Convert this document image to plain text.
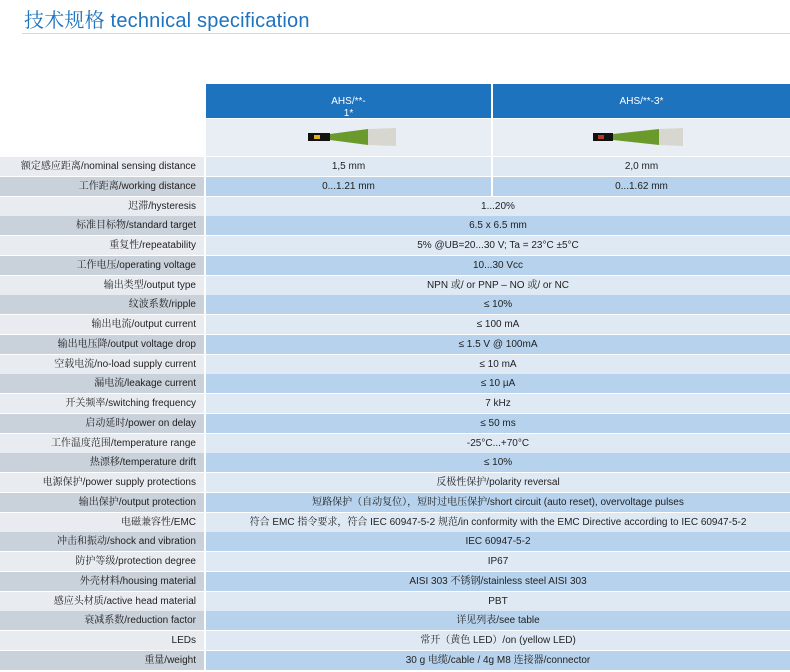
技术规格 technical specification
AHS/**-
1*
AHS/**-3*
额定感应距离/nominal sensing distance	1,5 mm	2,0 mm
工作距离/working distance	0...1.21 mm	0...1.62 mm
迟滞/hysteresis	1...20%
标准目标物/standard target	6.5 x 6.5 mm
重复性/repeatability	5% @UB=20...30 V; Ta = 23°C ±5°C
工作电压/operating voltage	10...30 Vcc
输出类型/output type	NPN 或/ or PNP – NO 或/ or NC
纹波系数/ripple	≤ 10%
输出电流/output current	≤ 100 mA
输出电压降/output voltage drop	≤ 1.5 V @ 100mA
空载电流/no-load supply current	≤ 10 mA
漏电流/leakage current	≤ 10 µA
开关频率/switching frequency	7 kHz
启动延时/power on delay	≤ 50 ms
工作温度范围/temperature range	-25°C...+70°C
热漂移/temperature drift	≤ 10%
电源保护/power supply protections	反极性保护/polarity reversal
输出保护/output protection	短路保护（自动复位），短时过电压保护/short circuit (auto reset), overvoltage pulses
电磁兼容性/EMC	符合 EMC 指令要求，符合 IEC 60947-5-2 规范/in conformity with the EMC Directive according to IEC 60947-5-2
冲击和振动/shock and vibration	IEC 60947-5-2
防护等级/protection degree	IP67
外壳材料/housing material	AISI 303 不锈钢/stainless steel AISI 303
感应头材质/active head material	PBT
衰减系数/reduction factor	详见列表/see table
LEDs	常开（黄色 LED）/on (yellow LED)
重量/weight	30 g 电缆/cable / 4g M8 连接器/connector
